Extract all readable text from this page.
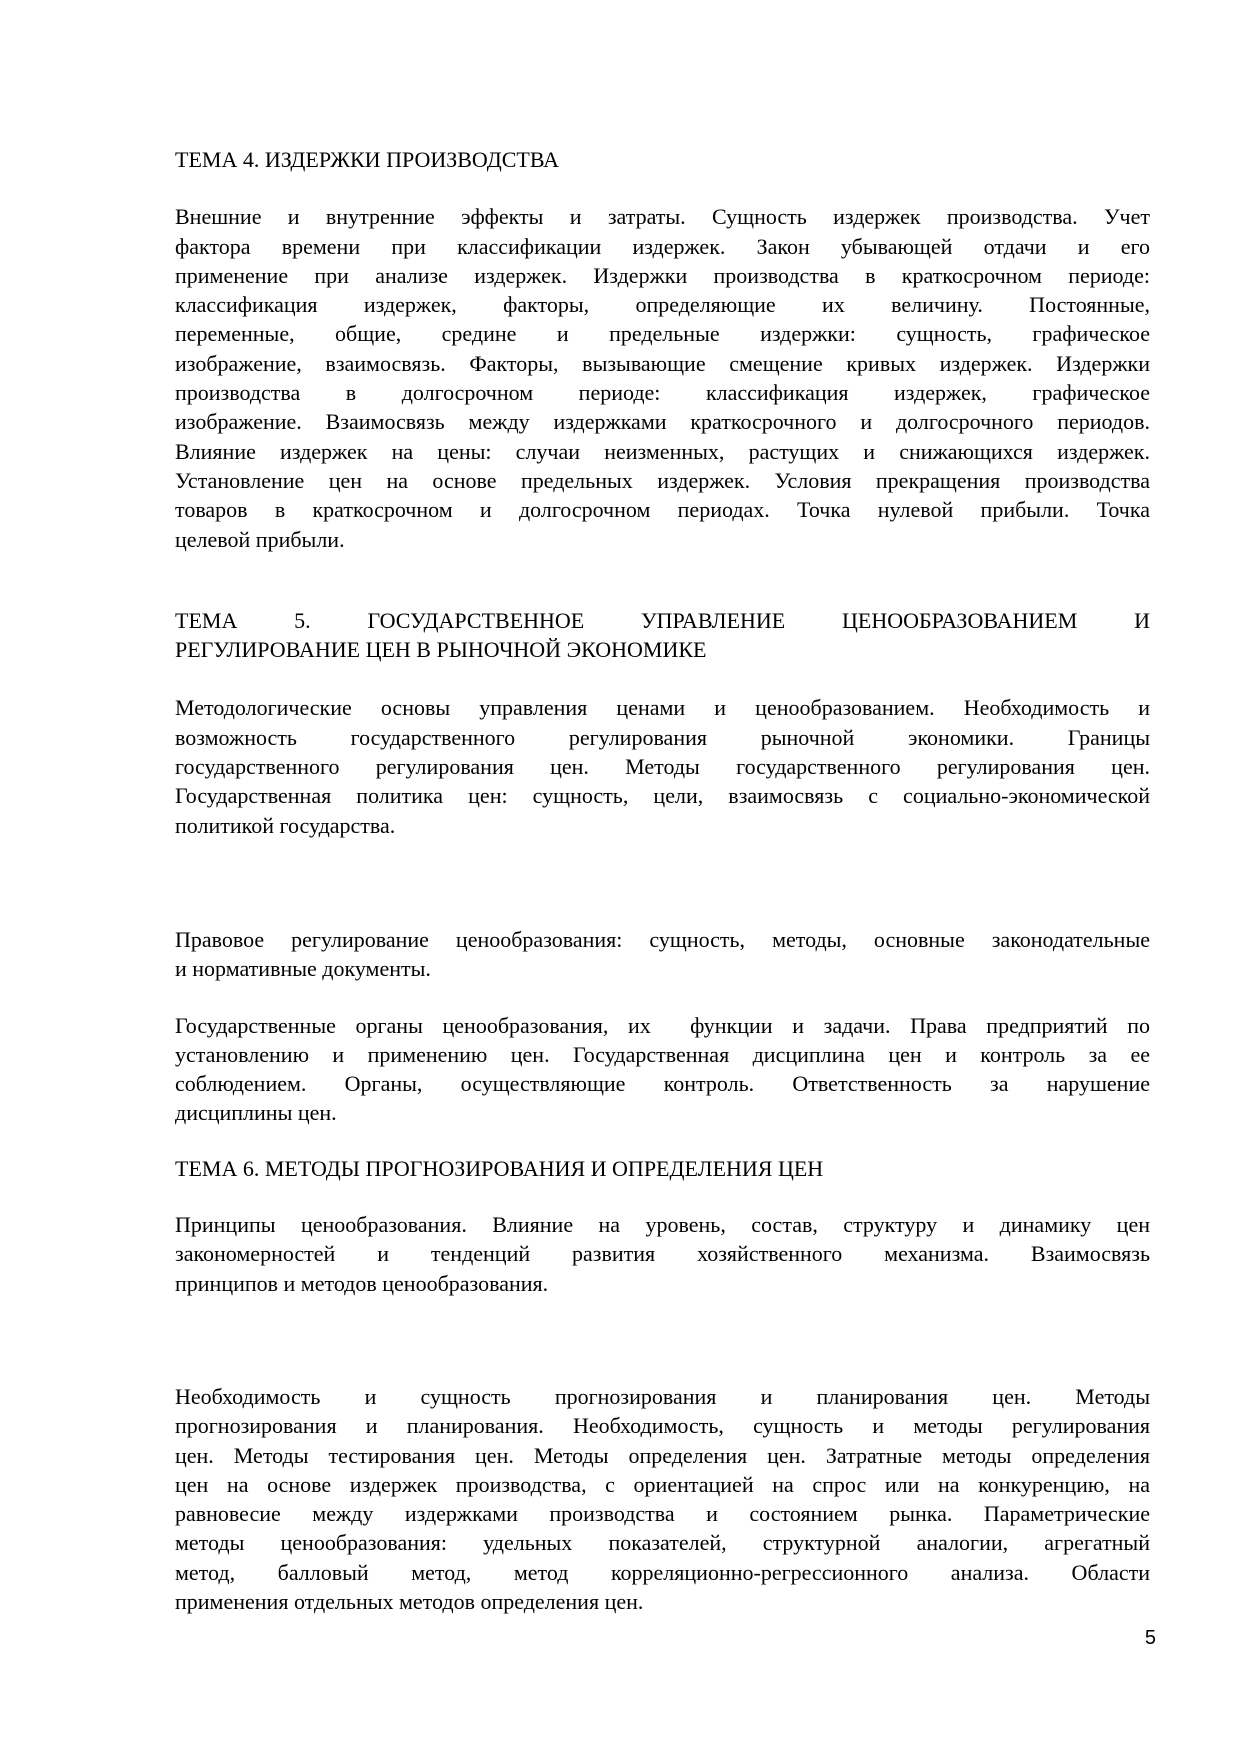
ТЕМА 4. ИЗДЕРЖКИ ПРОИЗВОДСТВА
Внешние и внутренние эффекты и затраты. Сущность издержек производства. Учет
фактора времени при классификации издержек. Закон убывающей отдачи и его
применение при анализе издержек. Издержки производства в краткосрочном периоде:
классификация издержек, факторы, определяющие их величину. Постоянные,
переменные, общие, средине и предельные издержки: сущность, графическое
изображение, взаимосвязь. Факторы, вызывающие смещение кривых издержек. Издержки
производства в долгосрочном периоде: классификация издержек, графическое
изображение. Взаимосвязь между издержками краткосрочного и долгосрочного периодов.
Влияние издержек на цены: случаи неизменных, растущих и снижающихся издержек.
Установление цен на основе предельных издержек. Условия прекращения производства
товаров в краткосрочном и долгосрочном периодах. Точка нулевой прибыли. Точка
целевой прибыли.
ТЕМА 5. ГОСУДАРСТВЕННОЕ УПРАВЛЕНИЕ ЦЕНООБРАЗОВАНИЕМ И
РЕГУЛИРОВАНИЕ ЦЕН В РЫНОЧНОЙ ЭКОНОМИКЕ
Методологические основы управления ценами и ценообразованием. Необходимость и
возможность государственного регулирования рыночной экономики. Границы
государственного регулирования цен. Методы государственного регулирования цен.
Государственная политика цен: сущность, цели, взаимосвязь с социально-экономической
политикой государства.
Правовое регулирование ценообразования: сущность, методы, основные законодательные
и нормативные документы.
Государственные органы ценообразования, их  функции и задачи. Права предприятий по
установлению и применению цен. Государственная дисциплина цен и контроль за ее
соблюдением. Органы, осуществляющие контроль. Ответственность за нарушение
дисциплины цен.
ТЕМА 6. МЕТОДЫ ПРОГНОЗИРОВАНИЯ И ОПРЕДЕЛЕНИЯ ЦЕН
Принципы ценообразования. Влияние на уровень, состав, структуру и динамику цен
закономерностей и тенденций развития хозяйственного механизма. Взаимосвязь
принципов и методов ценообразования.
Необходимость и сущность прогнозирования и планирования цен. Методы
прогнозирования и планирования. Необходимость, сущность и методы регулирования
цен. Методы тестирования цен. Методы определения цен. Затратные методы определения
цен на основе издержек производства, с ориентацией на спрос или на конкуренцию, на
равновесие между издержками производства и состоянием рынка. Параметрические
методы ценообразования: удельных показателей, структурной аналогии, агрегатный
метод, балловый метод, метод корреляционно-регрессионного анализа. Области
применения отдельных методов определения цен.
5
